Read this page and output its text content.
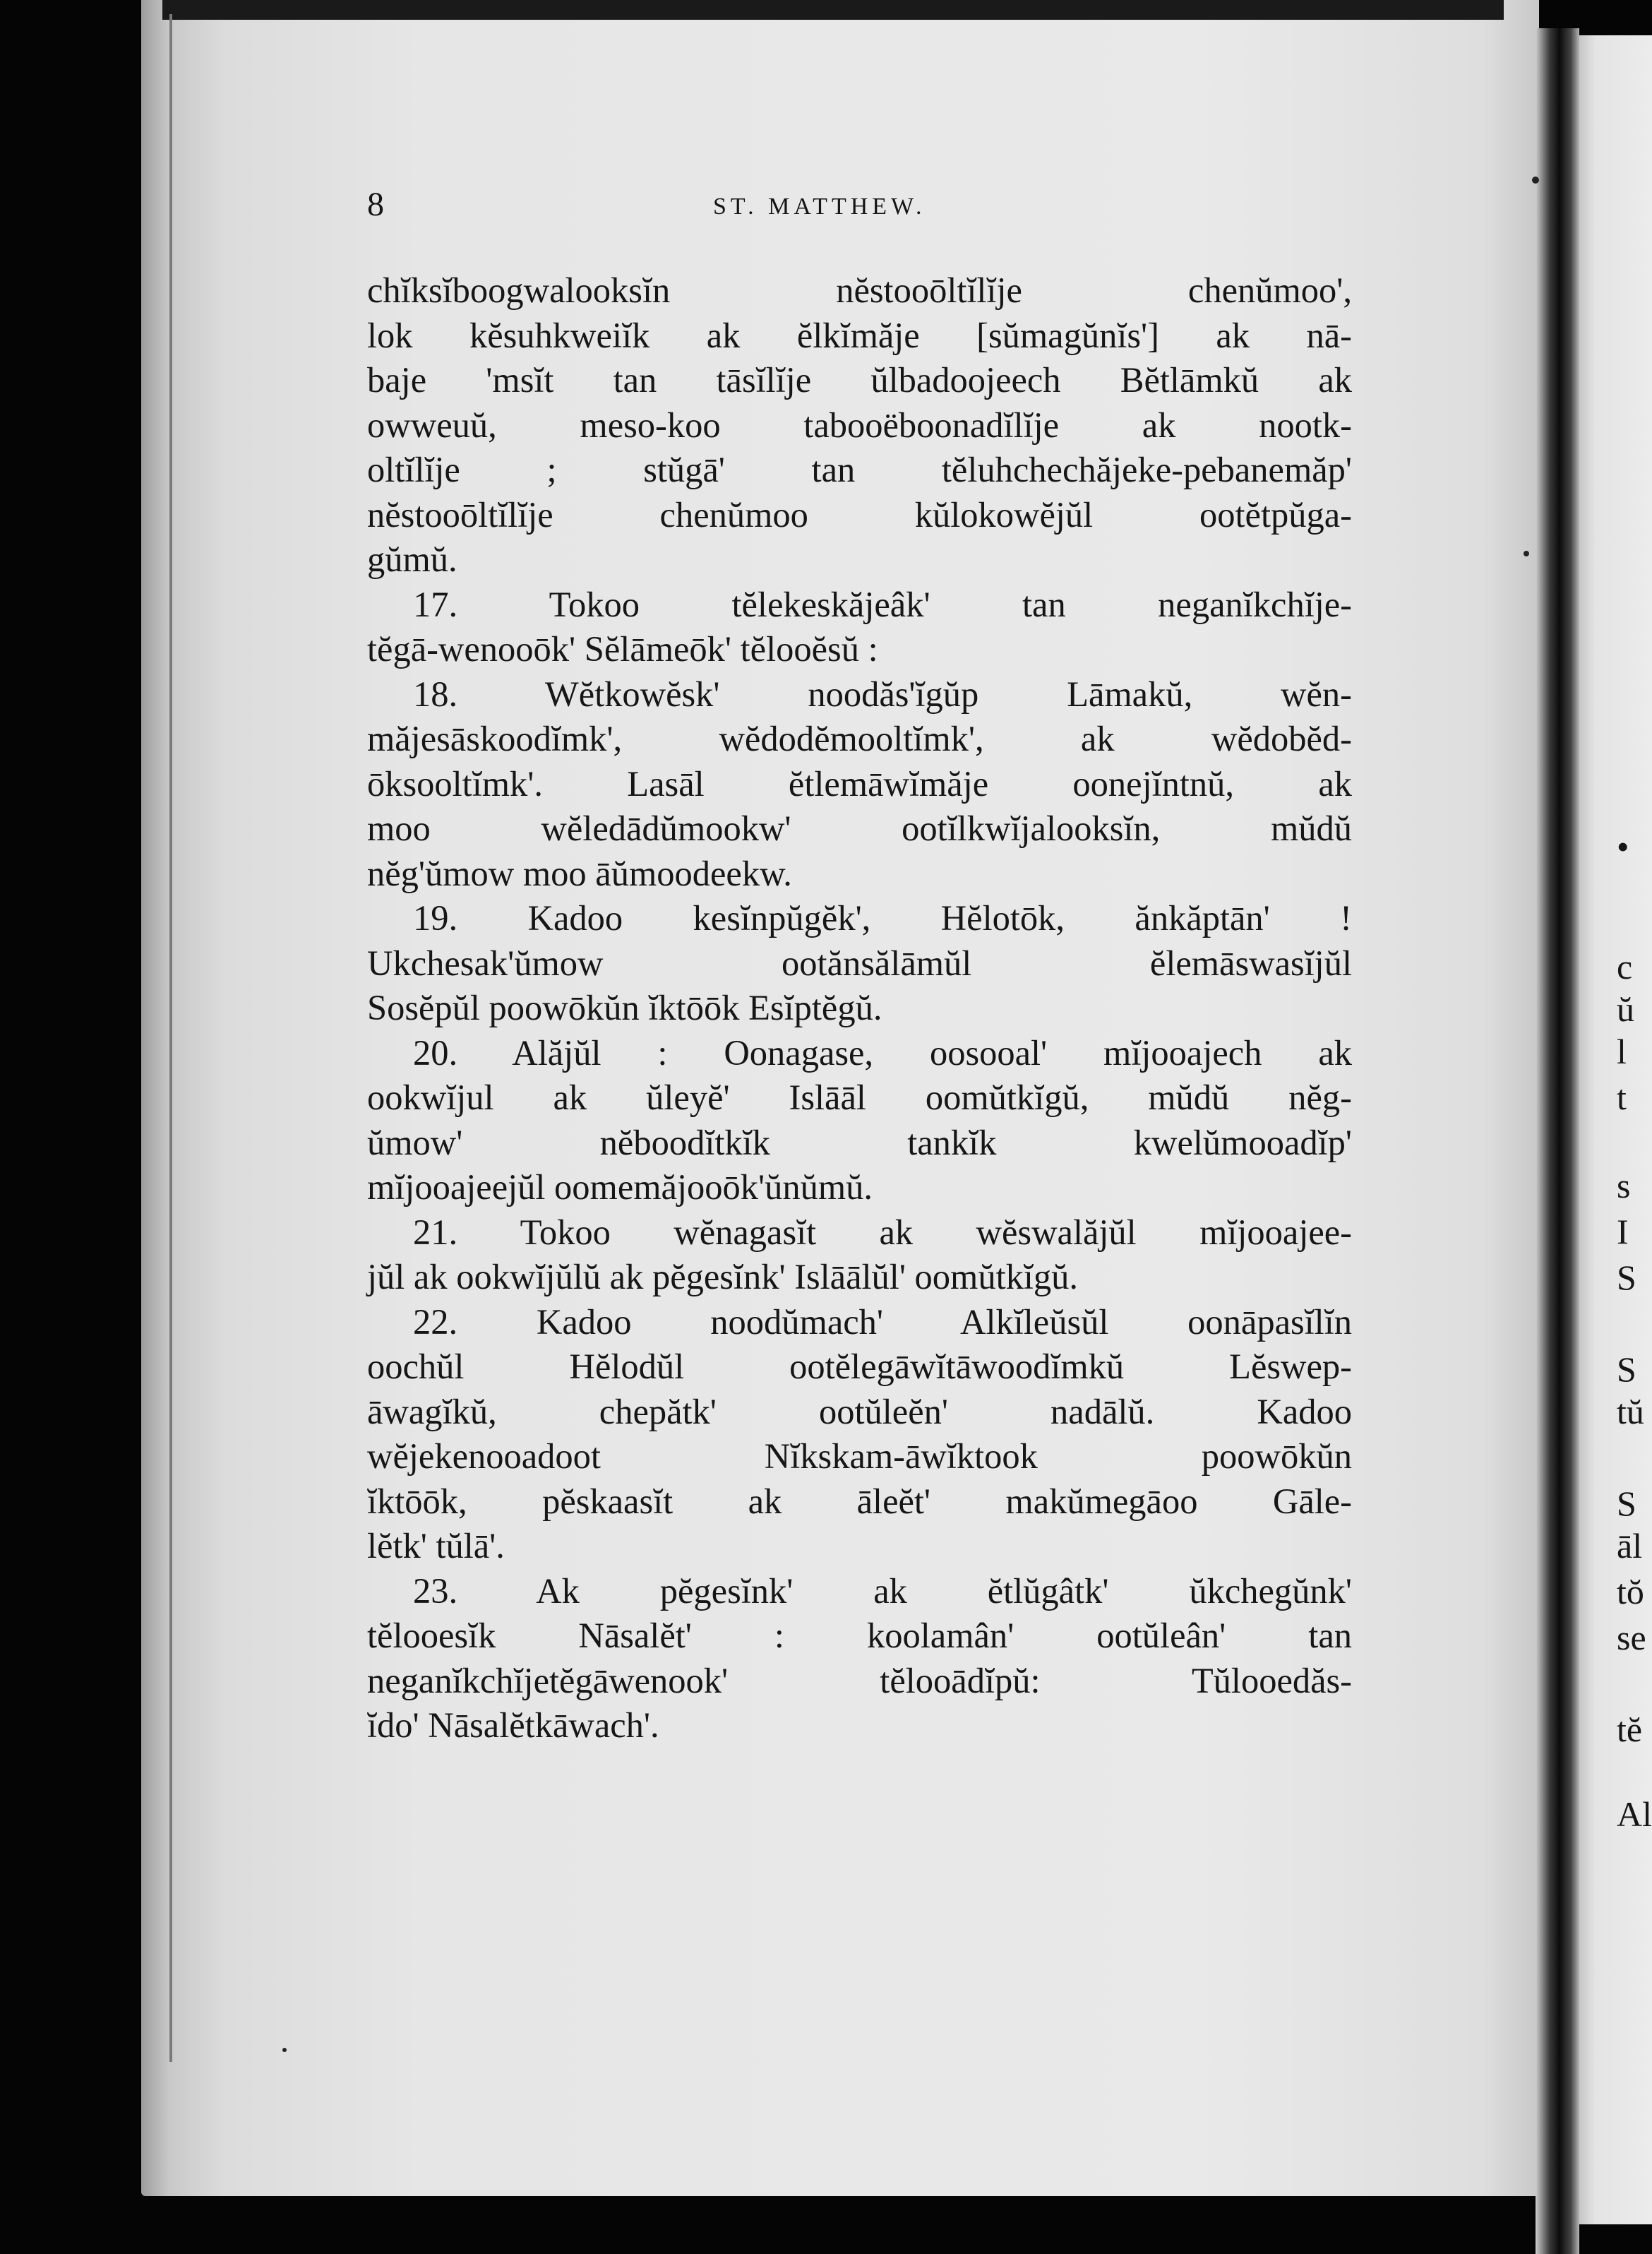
8	ST. MATTHEW.
chĭksĭboogwalooksĭn nĕstooōltĭlĭje chenŭmoo',
lok kĕsuhkweiĭk ak ĕlkĭmăje [sŭmagŭnĭs'] ak nā-
baje 'msĭt tan tāsĭlĭje ŭlbadoojeech Bĕtlāmkŭ ak
owweuŭ, meso-koo tabooëboonadĭlĭje ak nootk-
oltĭlĭje ; stŭgā' tan tĕluhchechăjeke-pebanemăp'
nĕstooōltĭlĭje chenŭmoo kŭlokowĕjŭl ootĕtpŭga-
gŭmŭ.
17. Tokoo tĕlekeskăjeâk' tan neganĭkchĭje-
tĕgā-wenooōk' Sĕlāmeōk' tĕlooĕsŭ :
18. Wĕtkowĕsk' noodăs'ĭgŭp Lāmakŭ, wĕn-
măjesāskoodĭmk', wĕdodĕmooltĭmk', ak wĕdobĕd-
ōksooltĭmk'. Lasāl ĕtlemāwĭmăje oonejĭntnŭ, ak
moo wĕledādŭmookw' ootĭlkwĭjalooksĭn, mŭdŭ
nĕg'ŭmow moo āŭmoodeekw.
19. Kadoo kesĭnpŭgĕk', Hĕlotōk, ănkăptān' !
Ukchesak'ŭmow ootănsălāmŭl ĕlemāswasĭjŭl
Sosĕpŭl poowōkŭn ĭktōōk Esĭptĕgŭ.
20. Alăjŭl : Oonagase, oosooal' mĭjooajech ak
ookwĭjul ak ŭleyĕ' Islāāl oomŭtkĭgŭ, mŭdŭ nĕg-
ŭmow' nĕboodĭtkĭk tankĭk kwelŭmooadĭp'
mĭjooajeejŭl oomemăjooōk'ŭnŭmŭ.
21. Tokoo wĕnagasĭt ak wĕswalăjŭl mĭjooajee-
jŭl ak ookwĭjŭlŭ ak pĕgesĭnk' Islāālŭl' oomŭtkĭgŭ.
22. Kadoo noodŭmach' Alkĭleŭsŭl oonāpasĭlĭn
oochŭl Hĕlodŭl ootĕlegāwĭtāwoodĭmkŭ Lĕswep-
āwagĭkŭ, chepătk' ootŭleĕn' nadālŭ. Kadoo
wĕjekenooadoot Nĭkskam-āwĭktook poowōkŭn
ĭktōōk, pĕskaasĭt ak āleĕt' makŭmegāoo Gāle-
lĕtk' tŭlā'.
23. Ak pĕgesĭnk' ak ĕtlŭgâtk' ŭkchegŭnk'
tĕlooesĭk Nāsalĕt' : koolamân' ootŭleân' tan
neganĭkchĭjetĕgāwenook' tĕlooādĭpŭ: Tŭlooedăs-
ĭdo' Nāsalĕtkāwach'.
•
c
ŭ
l
t
s
I
S
S
tŭ
S
āl
tŏ
se
tĕ
Al
